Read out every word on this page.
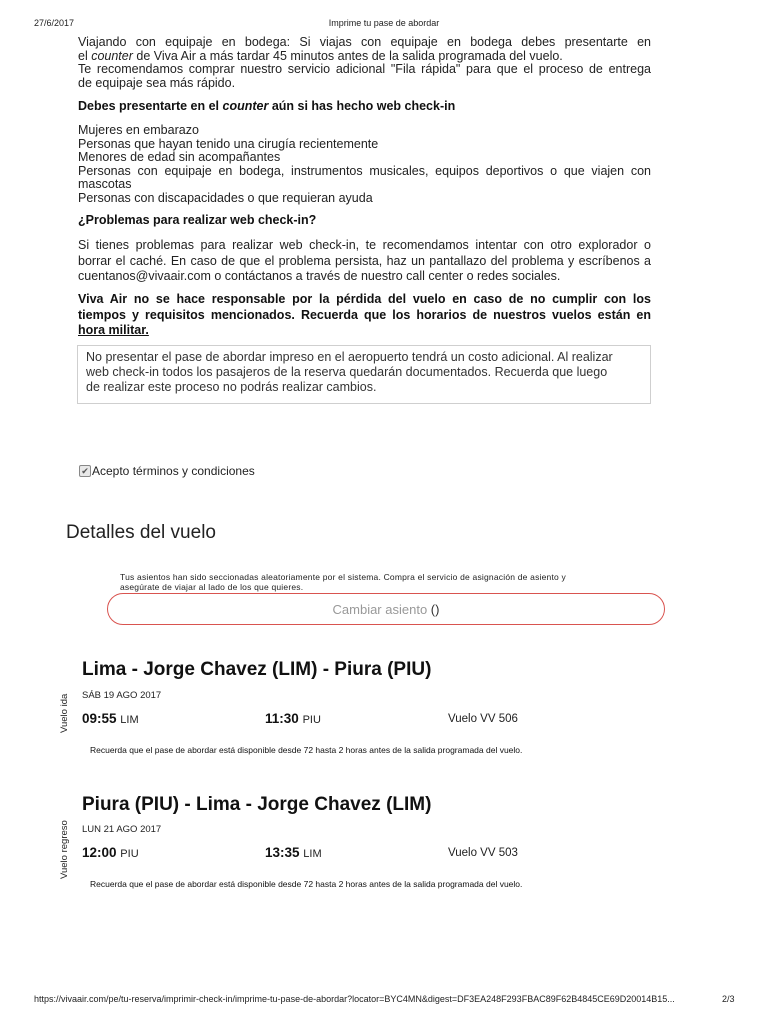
27/6/2017	Imprime tu pase de abordar
Viajando con equipaje en bodega: Si viajas con equipaje en bodega debes presentarte en
el counter de Viva Air a más tardar 45 minutos antes de la salida programada del vuelo.
Te recomendamos comprar nuestro servicio adicional "Fila rápida" para que el proceso de entrega
de equipaje sea más rápido.
Debes presentarte en el counter aún si has hecho web check-in
Mujeres en embarazo
Personas que hayan tenido una cirugía recientemente
Menores de edad sin acompañantes
Personas con equipaje en bodega, instrumentos musicales, equipos deportivos o que viajen con
mascotas
Personas con discapacidades o que requieran ayuda
¿Problemas para realizar web check-in?
Si tienes problemas para realizar web check-in, te recomendamos intentar con otro explorador o
borrar el caché. En caso de que el problema persista, haz un pantallazo del problema y escríbenos a
cuentanos@vivaair.com o contáctanos a través de nuestro call center o redes sociales.
Viva Air no se hace responsable por la pérdida del vuelo en caso de no cumplir con los
tiempos y requisitos mencionados. Recuerda que los horarios de nuestros vuelos están en
hora militar.
No presentar el pase de abordar impreso en el aeropuerto tendrá un costo adicional. Al realizar
web check-in todos los pasajeros de la reserva quedarán documentados. Recuerda que luego
de realizar este proceso no podrás realizar cambios.
✔ Acepto términos y condiciones
Detalles del vuelo
Tus asientos han sido seccionadas aleatoriamente por el sistema. Compra el servicio de asignación de asiento y
asegúrate de viajar al lado de los que quieres.
Cambiar asiento ()
Vuelo ida
Lima - Jorge Chavez (LIM) - Piura (PIU)
SÁB 19 AGO 2017
09:55 LIM	11:30 PIU	Vuelo VV 506
Recuerda que el pase de abordar está disponible desde 72 hasta 2 horas antes de la salida programada del vuelo.
Vuelo regreso
Piura (PIU) - Lima - Jorge Chavez (LIM)
LUN 21 AGO 2017
12:00 PIU	13:35 LIM	Vuelo VV 503
Recuerda que el pase de abordar está disponible desde 72 hasta 2 horas antes de la salida programada del vuelo.
https://vivaair.com/pe/tu-reserva/imprimir-check-in/imprime-tu-pase-de-abordar?locator=BYC4MN&digest=DF3EA248F293FBAC89F62B4845CE69D20014B15...	2/3
